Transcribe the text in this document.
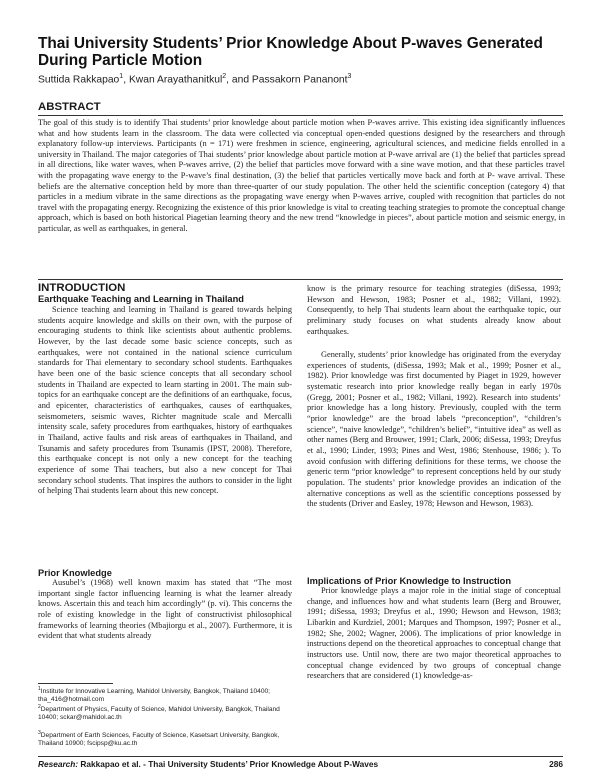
Thai University Students’ Prior Knowledge About P-waves Generated During Particle Motion
Suttida Rakkapao$^1$, Kwan Arayathanitkul$^2$, and Passakorn Pananont$^3$
ABSTRACT

The goal of this study is to identify Thai students’ prior knowledge about particle motion when P-waves arrive. This existing idea significantly influences what and how students learn in the classroom. The data were collected via conceptual open-ended questions designed by the researchers and through explanatory follow-up interviews. Participants (n = 171) were freshmen in science, engineering, agricultural sciences, and medicine fields enrolled in a university in Thailand. The major categories of Thai students’ prior knowledge about particle motion at P-wave arrival are (1) the belief that particles spread in all directions, like water waves, when P-waves arrive, (2) the belief that particles move forward with a sine wave motion, and that these particles travel with the propagating wave energy to the P-wave’s final destination, (3) the belief that particles vertically move back and forth at P- wave arrival. These beliefs are the alternative conception held by more than three-quarter of our study population. The other held the scientific conception (category 4) that particles in a medium vibrate in the same directions as the propagating wave energy when P-waves arrive, coupled with recognition that particles do not travel with the propagating energy. Recognizing the existence of this prior knowledge is vital to creating teaching strategies to promote the conceptual change approach, which is based on both historical Piagetian learning theory and the new trend “knowledge in pieces”, about particle motion and seismic energy, in particular, as well as earthquakes, in general.

INTRODUCTION

Earthquake Teaching and Learning in Thailand

Science teaching and learning in Thailand is geared towards helping students acquire knowledge and skills on their own, with the purpose of encouraging students to think like scientists about authentic problems. However, by the last decade some basic science concepts, such as earthquakes, were not contained in the national science curriculum standards for Thai elementary to secondary school students. Earthquakes have been one of the basic science concepts that all secondary school students in Thailand are expected to learn starting in 2001. The main sub-topics for an earthquake concept are the definitions of an earthquake, focus, and epicenter, characteristics of earthquakes, causes of earthquakes, seismometers, seismic waves, Richter magnitude scale and Mercalli intensity scale, safety procedures from earthquakes, history of earthquakes in Thailand, active faults and risk areas of earthquakes in Thailand, and Tsunamis and safety procedures from Tsunamis (IPST, 2008). Therefore, this earthquake concept is not only a new concept for the teaching experience of some Thai teachers, but also a new concept for Thai secondary school students. That inspires the authors to consider in the light of helping Thai students learn about this new concept.

Prior Knowledge

Ausubel’s (1968) well known maxim has stated that “The most important single factor influencing learning is what the learner already knows. Ascertain this and teach him accordingly” (p. vi). This concerns the role of existing knowledge in the light of constructivist philosophical frameworks of learning theories (Mbajiorgu et al., 2007). Furthermore, it is evident that what students already

$^1$Institute for Innovative Learning, Mahidol University, Bangkok, Thailand 10400; tha_416@hotmail.com

$^2$Department of Physics, Faculty of Science, Mahidol University, Bangkok, Thailand 10400; sckar@mahidol.ac.th

$^3$Department of Earth Sciences, Faculty of Science, Kasetsart University, Bangkok, Thailand 10900; fscipsp@ku.ac.th

know is the primary resource for teaching strategies (diSessa, 1993; Hewson and Hewson, 1983; Posner et al., 1982; Villani, 1992). Consequently, to help Thai students learn about the earthquake topic, our preliminary study focuses on what students already know about earthquakes.

Generally, students’ prior knowledge has originated from the everyday experiences of students, (diSessa, 1993; Mak et al., 1999; Posner et al., 1982). Prior knowledge was first documented by Piaget in 1929, however systematic research into prior knowledge really began in early 1970s (Gregg, 2001; Posner et al., 1982; Villani, 1992). Research into students’ prior knowledge has a long history. Previously, coupled with the term “prior knowledge” are the broad labels “preconception”, “children’s science”, “naive knowledge”, “children’s belief”, “intuitive idea” as well as other names (Berg and Brouwer, 1991; Clark, 2006; diSessa, 1993; Dreyfus et al., 1990; Linder, 1993; Pines and West, 1986; Stenhouse, 1986; ). To avoid confusion with differing definitions for these terms, we choose the generic term “prior knowledge” to represent conceptions held by our study population. The students’ prior knowledge provides an indication of the alternative conceptions as well as the scientific conceptions possessed by the students (Driver and Easley, 1978; Hewson and Hewson, 1983).

Implications of Prior Knowledge to Instruction

Prior knowledge plays a major role in the initial stage of conceptual change, and influences how and what students learn (Berg and Brouwer, 1991; diSessa, 1993; Dreyfus et al., 1990; Hewson and Hewson, 1983; Libarkin and Kurdziel, 2001; Marques and Thompson, 1997; Posner et al., 1982; She, 2002; Wagner, 2006). The implications of prior knowledge in instructions depend on the theoretical approaches to conceptual change that instructors use. Until now, there are two major theoretical approaches to conceptual change evidenced by two groups of conceptual change researchers that are considered (1) knowledge-as-

Research: Rakkapao et al. - Thai University Students’ Prior Knowledge About P-Waves	286
